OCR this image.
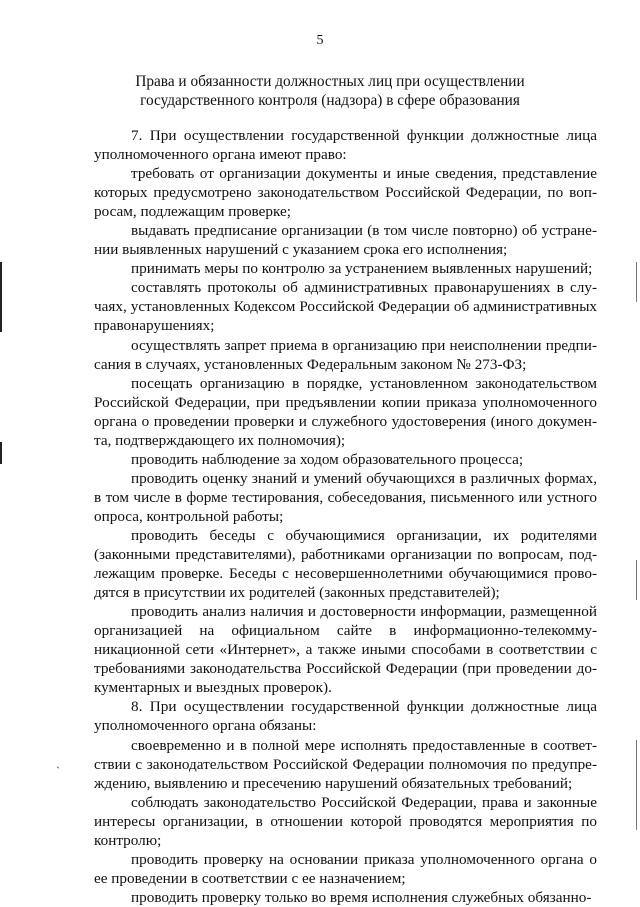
5
Права и обязанности должностных лиц при осуществлении
государственного контроля (надзора) в сфере образования

7. При осуществлении государственной функции должностные лица уполномоченного органа имеют право:

требовать от организации документы и иные сведения, представление которых предусмотрено законодательством Российской Федерации, по вопросам, подлежащим проверке;

выдавать предписание организации (в том числе повторно) об устранении выявленных нарушений с указанием срока его исполнения;

принимать меры по контролю за устранением выявленных нарушений;

составлять протоколы об административных правонарушениях в случаях, установленных Кодексом Российской Федерации об административных правонарушениях;

осуществлять запрет приема в организацию при неисполнении предписания в случаях, установленных Федеральным законом № 273-ФЗ;

посещать организацию в порядке, установленном законодательством Российской Федерации, при предъявлении копии приказа уполномоченного органа о проведении проверки и служебного удостоверения (иного документа, подтверждающего их полномочия);

проводить наблюдение за ходом образовательного процесса;

проводить оценку знаний и умений обучающихся в различных формах, в том числе в форме тестирования, собеседования, письменного или устного опроса, контрольной работы;

проводить беседы с обучающимися организации, их родителями (законными представителями), работниками организации по вопросам, подлежащим проверке. Беседы с несовершеннолетними обучающимися проводятся в присутствии их родителей (законных представителей);

проводить анализ наличия и достоверности информации, размещенной организацией на официальном сайте в информационно-телекоммуникационной сети «Интернет», а также иными способами в соответствии с требованиями законодательства Российской Федерации (при проведении документарных и выездных проверок).

8. При осуществлении государственной функции должностные лица уполномоченного органа обязаны:

своевременно и в полной мере исполнять предоставленные в соответствии с законодательством Российской Федерации полномочия по предупреждению, выявлению и пресечению нарушений обязательных требований;

соблюдать законодательство Российской Федерации, права и законные интересы организации, в отношении которой проводятся мероприятия по контролю;

проводить проверку на основании приказа уполномоченного органа о ее проведении в соответствии с ее назначением;

проводить проверку только во время исполнения служебных обязанно-

ˏ
